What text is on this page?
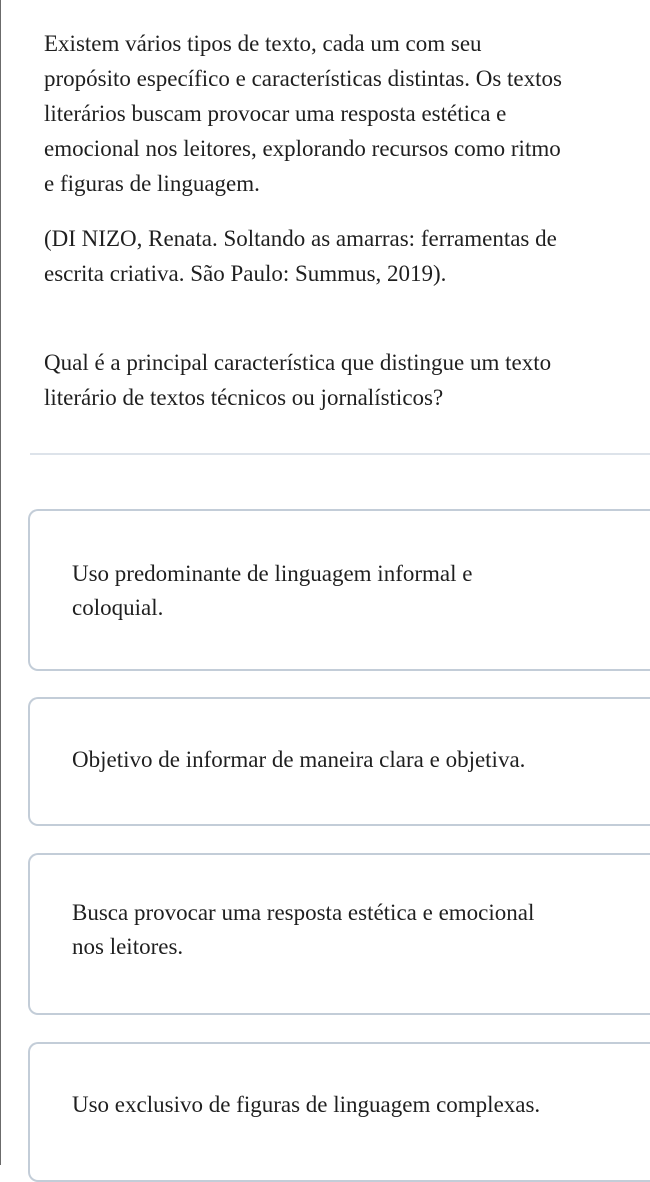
Existem vários tipos de texto, cada um com seu
propósito específico e características distintas. Os textos
literários buscam provocar uma resposta estética e
emocional nos leitores, explorando recursos como ritmo
e figuras de linguagem.

(DI NIZO, Renata. Soltando as amarras: ferramentas de
escrita criativa. São Paulo: Summus, 2019).

Qual é a principal característica que distingue um texto
literário de textos técnicos ou jornalísticos?

Uso predominante de linguagem informal e
coloquial.
Objetivo de informar de maneira clara e objetiva.
Busca provocar uma resposta estética e emocional
nos leitores.
Uso exclusivo de figuras de linguagem complexas.
